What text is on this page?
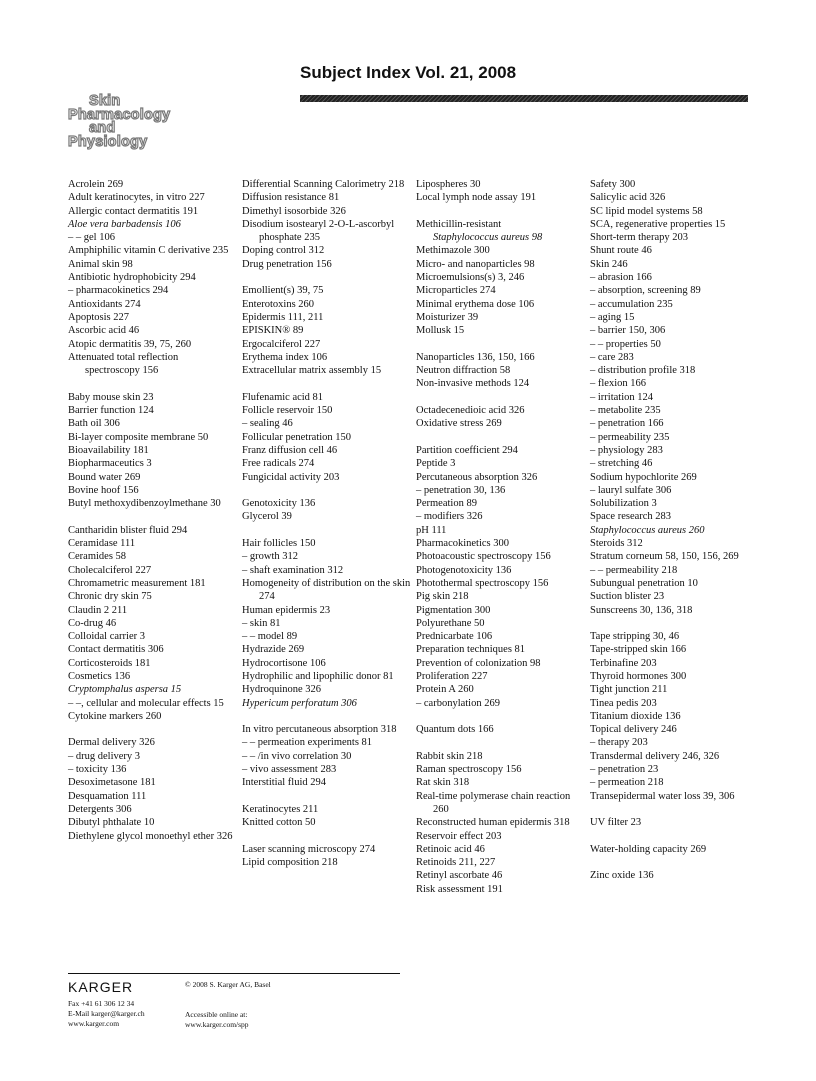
Subject Index Vol. 21, 2008
Skin
Pharmacology
and
Physiology
Acrolein 269
Adult keratinocytes, in vitro 227
Allergic contact dermatitis 191
Aloe vera barbadensis 106
– – gel 106
Amphiphilic vitamin C derivative 235
Animal skin 98
Antibiotic hydrophobicity 294
– pharmacokinetics 294
Antioxidants 274
Apoptosis 227
Ascorbic acid 46
Atopic dermatitis 39, 75, 260
Attenuated total reflection spectroscopy 156
Baby mouse skin 23
Barrier function 124
Bath oil 306
Bi-layer composite membrane 50
Bioavailability 181
Biopharmaceutics 3
Bound water 269
Bovine hoof 156
Butyl methoxydibenzoylmethane 30
Cantharidin blister fluid 294
Ceramidase 111
Ceramides 58
Cholecalciferol 227
Chromametric measurement 181
Chronic dry skin 75
Claudin 2 211
Co-drug 46
Colloidal carrier 3
Contact dermatitis 306
Corticosteroids 181
Cosmetics 136
Cryptomphalus aspersa 15
– –, cellular and molecular effects 15
Cytokine markers 260
Dermal delivery 326
– drug delivery 3
– toxicity 136
Desoximetasone 181
Desquamation 111
Detergents 306
Dibutyl phthalate 10
Diethylene glycol monoethyl ether 326
Differential Scanning Calorimetry 218
Diffusion resistance 81
Dimethyl isosorbide 326
Disodium isostearyl 2-O-L-ascorbyl phosphate 235
Doping control 312
Drug penetration 156
Emollient(s) 39, 75
Enterotoxins 260
Epidermis 111, 211
EPISKIN® 89
Ergocalciferol 227
Erythema index 106
Extracellular matrix assembly 15
Flufenamic acid 81
Follicle reservoir 150
– sealing 46
Follicular penetration 150
Franz diffusion cell 46
Free radicals 274
Fungicidal activity 203
Genotoxicity 136
Glycerol 39
Hair follicles 150
– growth 312
– shaft examination 312
Homogeneity of distribution on the skin 274
Human epidermis 23
– skin 81
– – model 89
Hydrazide 269
Hydrocortisone 106
Hydrophilic and lipophilic donor 81
Hydroquinone 326
Hypericum perforatum 306
In vitro percutaneous absorption 318
– – permeation experiments 81
– – /in vivo correlation 30
– vivo assessment 283
Interstitial fluid 294
Keratinocytes 211
Knitted cotton 50
Laser scanning microscopy 274
Lipid composition 218
Lipospheres 30
Local lymph node assay 191
Methicillin-resistant
Staphylococcus aureus 98
Methimazole 300
Micro- and nanoparticles 98
Microemulsions(s) 3, 246
Microparticles 274
Minimal erythema dose 106
Moisturizer 39
Mollusk 15
Nanoparticles 136, 150, 166
Neutron diffraction 58
Non-invasive methods 124
Octadecenedioic acid 326
Oxidative stress 269
Partition coefficient 294
Peptide 3
Percutaneous absorption 326
– penetration 30, 136
Permeation 89
– modifiers 326
pH 111
Pharmacokinetics 300
Photoacoustic spectroscopy 156
Photogenotoxicity 136
Photothermal spectroscopy 156
Pig skin 218
Pigmentation 300
Polyurethane 50
Prednicarbate 106
Preparation techniques 81
Prevention of colonization 98
Proliferation 227
Protein A 260
– carbonylation 269
Quantum dots 166
Rabbit skin 218
Raman spectroscopy 156
Rat skin 318
Real-time polymerase chain reaction 260
Reconstructed human epidermis 318
Reservoir effect 203
Retinoic acid 46
Retinoids 211, 227
Retinyl ascorbate 46
Risk assessment 191
Safety 300
Salicylic acid 326
SC lipid model systems 58
SCA, regenerative properties 15
Short-term therapy 203
Shunt route 46
Skin 246
– abrasion 166
– absorption, screening 89
– accumulation 235
– aging 15
– barrier 150, 306
– – properties 50
– care 283
– distribution profile 318
– flexion 166
– irritation 124
– metabolite 235
– penetration 166
– permeability 235
– physiology 283
– stretching 46
Sodium hypochlorite 269
– lauryl sulfate 306
Solubilization 3
Space research 283
Staphylococcus aureus 260
Steroids 312
Stratum corneum 58, 150, 156, 269
– – permeability 218
Subungual penetration 10
Suction blister 23
Sunscreens 30, 136, 318
Tape stripping 30, 46
Tape-stripped skin 166
Terbinafine 203
Thyroid hormones 300
Tight junction 211
Tinea pedis 203
Titanium dioxide 136
Topical delivery 246
– therapy 203
Transdermal delivery 246, 326
– penetration 23
– permeation 218
Transepidermal water loss 39, 306
UV filter 23
Water-holding capacity 269
Zinc oxide 136
KARGER	© 2008 S. Karger AG, Basel
Fax +41 61 306 12 34
E-Mail karger@karger.ch
www.karger.com
Accessible online at:
www.karger.com/spp
